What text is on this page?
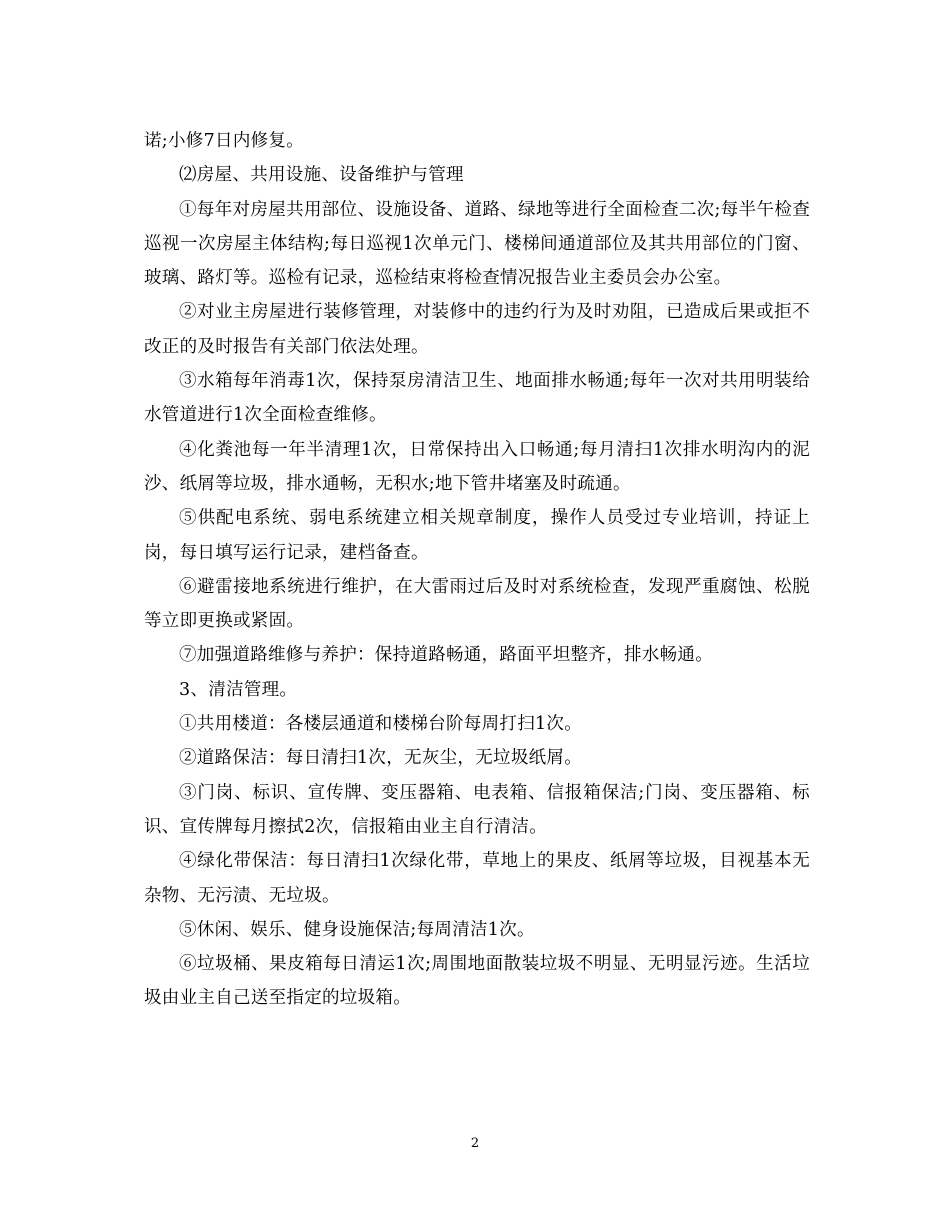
诺;小修7日内修复。

⑵房屋、共用设施、设备维护与管理

①每年对房屋共用部位、设施设备、道路、绿地等进行全面检查二次;每半午检查巡视一次房屋主体结构;每日巡视1次单元门、楼梯间通道部位及其共用部位的门窗、玻璃、路灯等。巡检有记录，巡检结束将检查情况报告业主委员会办公室。

②对业主房屋进行装修管理，对装修中的违约行为及时劝阻，已造成后果或拒不改正的及时报告有关部门依法处理。

③水箱每年消毒1次，保持泵房清洁卫生、地面排水畅通;每年一次对共用明装给水管道进行1次全面检查维修。

④化粪池每一年半清理1次，日常保持出入口畅通;每月清扫1次排水明沟内的泥沙、纸屑等垃圾，排水通畅，无积水;地下管井堵塞及时疏通。

⑤供配电系统、弱电系统建立相关规章制度，操作人员受过专业培训，持证上岗，每日填写运行记录，建档备查。

⑥避雷接地系统进行维护，在大雷雨过后及时对系统检查，发现严重腐蚀、松脱等立即更换或紧固。

⑦加强道路维修与养护：保持道路畅通，路面平坦整齐，排水畅通。

3、清洁管理。

①共用楼道：各楼层通道和楼梯台阶每周打扫1次。

②道路保洁：每日清扫1次，无灰尘，无垃圾纸屑。

③门岗、标识、宣传牌、变压器箱、电表箱、信报箱保洁;门岗、变压器箱、标识、宣传牌每月擦拭2次，信报箱由业主自行清洁。

④绿化带保洁：每日清扫1次绿化带，草地上的果皮、纸屑等垃圾，目视基本无杂物、无污渍、无垃圾。

⑤休闲、娱乐、健身设施保洁;每周清洁1次。

⑥垃圾桶、果皮箱每日清运1次;周围地面散装垃圾不明显、无明显污迹。生活垃圾由业主自己送至指定的垃圾箱。

2
